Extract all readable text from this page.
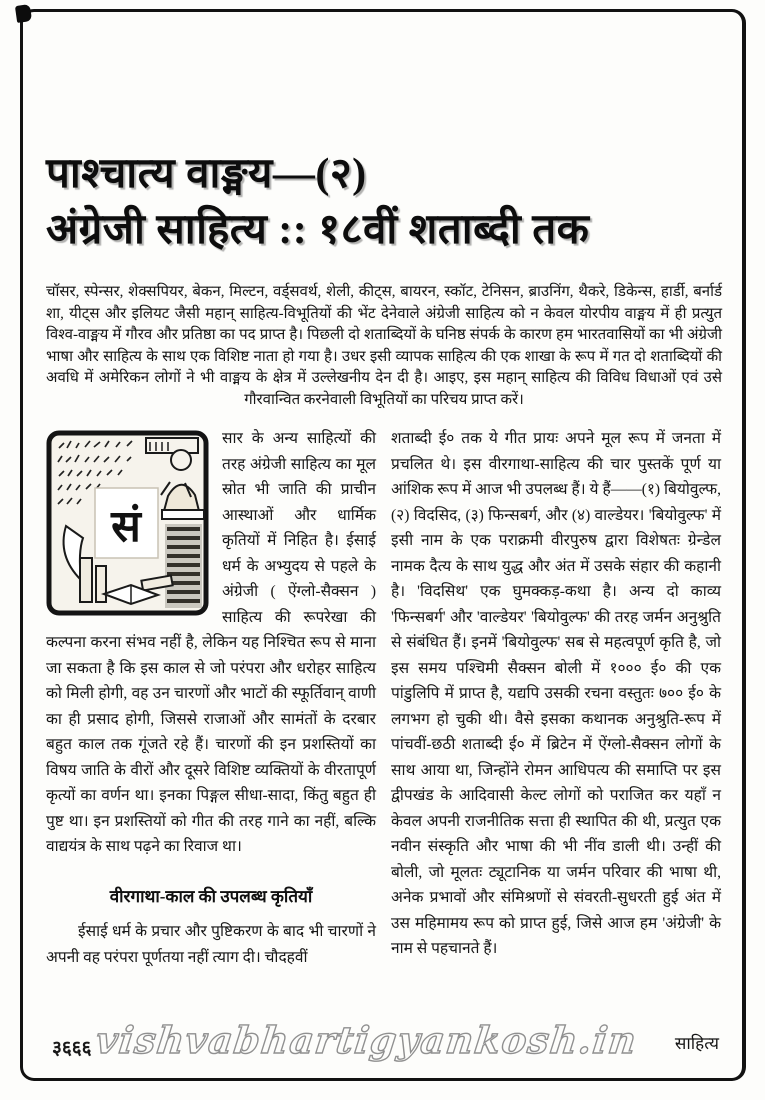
पाश्चात्य वाङ्मय—(२)
अंग्रेजी साहित्य :: १८वीं शताब्दी तक

चॉसर, स्पेन्सर, शेक्सपियर, बेकन, मिल्टन, वर्ड्सवर्थ, शेली, कीट्स, बायरन, स्कॉट, टेनिसन, ब्राउनिंग, थैकरे, डिकेन्स, हार्डी, बर्नार्ड शा, यीट्स और इलियट जैसी महान् साहित्य-विभूतियों की भेंट देनेवाले अंग्रेजी साहित्य को न केवल योरपीय वाङ्मय में ही प्रत्युत विश्व-वाङ्मय में गौरव और प्रतिष्ठा का पद प्राप्त है। पिछली दो शताब्दियों के घनिष्ठ संपर्क के कारण हम भारतवासियों का भी अंग्रेजी भाषा और साहित्य के साथ एक विशिष्ट नाता हो गया है। उधर इसी व्यापक साहित्य की एक शाखा के रूप में गत दो शताब्दियों की अवधि में अमेरिकन लोगों ने भी वाङ्मय के क्षेत्र में उल्लेखनीय देन दी है। आइए, इस महान् साहित्य की विविध विधाओं एवं उसे गौरवान्वित करनेवाली विभूतियों का परिचय प्राप्त करें।

सं
सार के अन्य साहित्यों की तरह अंग्रेजी साहित्य का मूल स्रोत भी जाति की प्राचीन आस्थाओं और धार्मिक कृतियों में निहित है। ईसाई धर्म के अभ्युदय से पहले के अंग्रेजी ( ऐंग्लो-सैक्सन ) साहित्य की रूपरेखा की कल्पना करना संभव नहीं है, लेकिन यह निश्चित रूप से माना जा सकता है कि इस काल से जो परंपरा और धरोहर साहित्य को मिली होगी, वह उन चारणों और भाटों की स्फूर्तिवान् वाणी का ही प्रसाद होगी, जिससे राजाओं और सामंतों के दरबार बहुत काल तक गूंजते रहे हैं। चारणों की इन प्रशस्तियों का विषय जाति के वीरों और दूसरे विशिष्ट व्यक्तियों के वीरतापूर्ण कृत्यों का वर्णन था। इनका पिङ्गल सीधा-सादा, किंतु बहुत ही पुष्ट था। इन प्रशस्तियों को गीत की तरह गाने का नहीं, बल्कि वाद्ययंत्र के साथ पढ़ने का रिवाज था।

वीरगाथा-काल की उपलब्ध कृतियाँ

ईसाई धर्म के प्रचार और पुष्टिकरण के बाद भी चारणों ने अपनी वह परंपरा पूर्णतया नहीं त्याग दी। चौदहवीं

शताब्दी ई० तक ये गीत प्रायः अपने मूल रूप में जनता में प्रचलित थे। इस वीरगाथा-साहित्य की चार पुस्तकें पूर्ण या आंशिक रूप में आज भी उपलब्ध हैं। ये हैं——(१) बियोवुल्फ, (२) विदसिद, (३) फिन्सबर्ग, और (४) वाल्डेयर। 'बियोवुल्फ' में इसी नाम के एक पराक्रमी वीरपुरुष द्वारा विशेषतः ग्रेन्डेल नामक दैत्य के साथ युद्ध और अंत में उसके संहार की कहानी है। 'विदसिथ' एक घुमक्कड़-कथा है। अन्य दो काव्य 'फिन्सबर्ग' और 'वाल्डेयर' 'बियोवुल्फ' की तरह जर्मन अनुश्रुति से संबंधित हैं। इनमें 'बियोवुल्फ' सब से महत्वपूर्ण कृति है, जो इस समय पश्चिमी सैक्सन बोली में १००० ई० की एक पांडुलिपि में प्राप्त है, यद्यपि उसकी रचना वस्तुतः ७०० ई० के लगभग हो चुकी थी। वैसे इसका कथानक अनुश्रुति-रूप में पांचवीं-छठी शताब्दी ई० में ब्रिटेन में ऐंग्लो-सैक्सन लोगों के साथ आया था, जिन्होंने रोमन आधिपत्य की समाप्ति पर इस द्वीपखंड के आदिवासी केल्ट लोगों को पराजित कर यहाँ न केवल अपनी राजनीतिक सत्ता ही स्थापित की थी, प्रत्युत एक नवीन संस्कृति और भाषा की भी नींव डाली थी। उन्हीं की बोली, जो मूलतः ट्यूटानिक या जर्मन परिवार की भाषा थी, अनेक प्रभावों और संमिश्रणों से संवरती-सुधरती हुई अंत में उस महिमामय रूप को प्राप्त हुई, जिसे आज हम 'अंग्रेजी' के नाम से पहचानते हैं।

३६६६ vishvabhartigyankosh.in साहित्य
